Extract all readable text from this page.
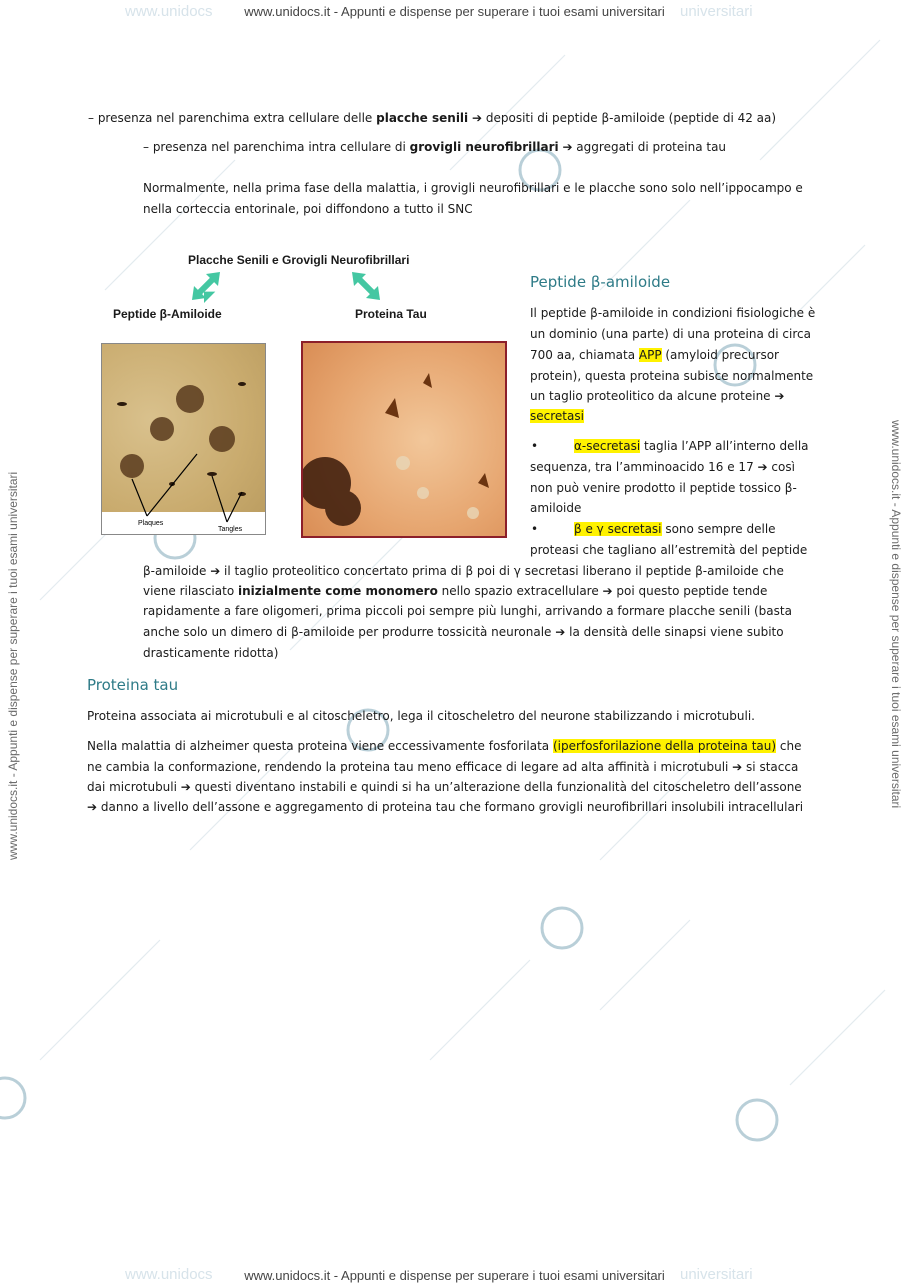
www.unidocs	universitari
www.unidocs	universitari
www.unidocs.it - Appunti e dispense per superare i tuoi esami universitari
www.unidocs.it - Appunti e dispense per superare i tuoi esami universitari
www.unidocs.it - Appunti e dispense per superare i tuoi esami universitari	www.unidocs.it - Appunti e dispense per superare i tuoi esami universitari
– presenza nel parenchima extra cellulare delle placche senili ➔ depositi di peptide β-amiloide (peptide di 42 aa)
– presenza nel parenchima intra cellulare di grovigli neurofibrillari ➔ aggregati di proteina tau
Normalmente, nella prima fase della malattia, i grovigli neurofibrillari e le placche sono solo nell’ippocampo e
nella corteccia entorinale, poi diffondono a tutto il SNC
Placche Senili e Grovigli Neurofibrillari
Peptide β-Amiloide	Proteina Tau
Plaques
Tangles
Peptide β-amiloide
Il peptide β-amiloide in condizioni fisiologiche è
un dominio (una parte) di una proteina di circa
700 aa, chiamata APP (amyloid precursor
protein), questa proteina subisce normalmente
un taglio proteolitico da alcune proteine ➔
secretasi
•	α-secretasi taglia l’APP all’interno della
sequenza, tra l’amminoacido 16 e 17 ➔ così
non può venire prodotto il peptide tossico β-
amiloide
•	β e γ secretasi sono sempre delle
proteasi che tagliano all’estremità del peptide
β-amiloide ➔ il taglio proteolitico concertato prima di β poi di γ secretasi liberano il peptide β-amiloide che
viene rilasciato inizialmente come monomero nello spazio extracellulare ➔ poi questo peptide tende
rapidamente a fare oligomeri, prima piccoli poi sempre più lunghi, arrivando a formare placche senili (basta
anche solo un dimero di β-amiloide per produrre tossicità neuronale ➔ la densità delle sinapsi viene subito
drasticamente ridotta)
Proteina tau
Proteina associata ai microtubuli e al citoscheletro, lega il citoscheletro del neurone stabilizzando i microtubuli.
Nella malattia di alzheimer questa proteina viene eccessivamente fosforilata (iperfosforilazione della proteina tau) che
ne cambia la conformazione, rendendo la proteina tau meno efficace di legare ad alta affinità i microtubuli ➔ si stacca
dai microtubuli ➔ questi diventano instabili e quindi si ha un’alterazione della funzionalità del citoscheletro dell’assone
➔ danno a livello dell’assone e aggregamento di proteina tau che formano grovigli neurofibrillari insolubili intracellulari
